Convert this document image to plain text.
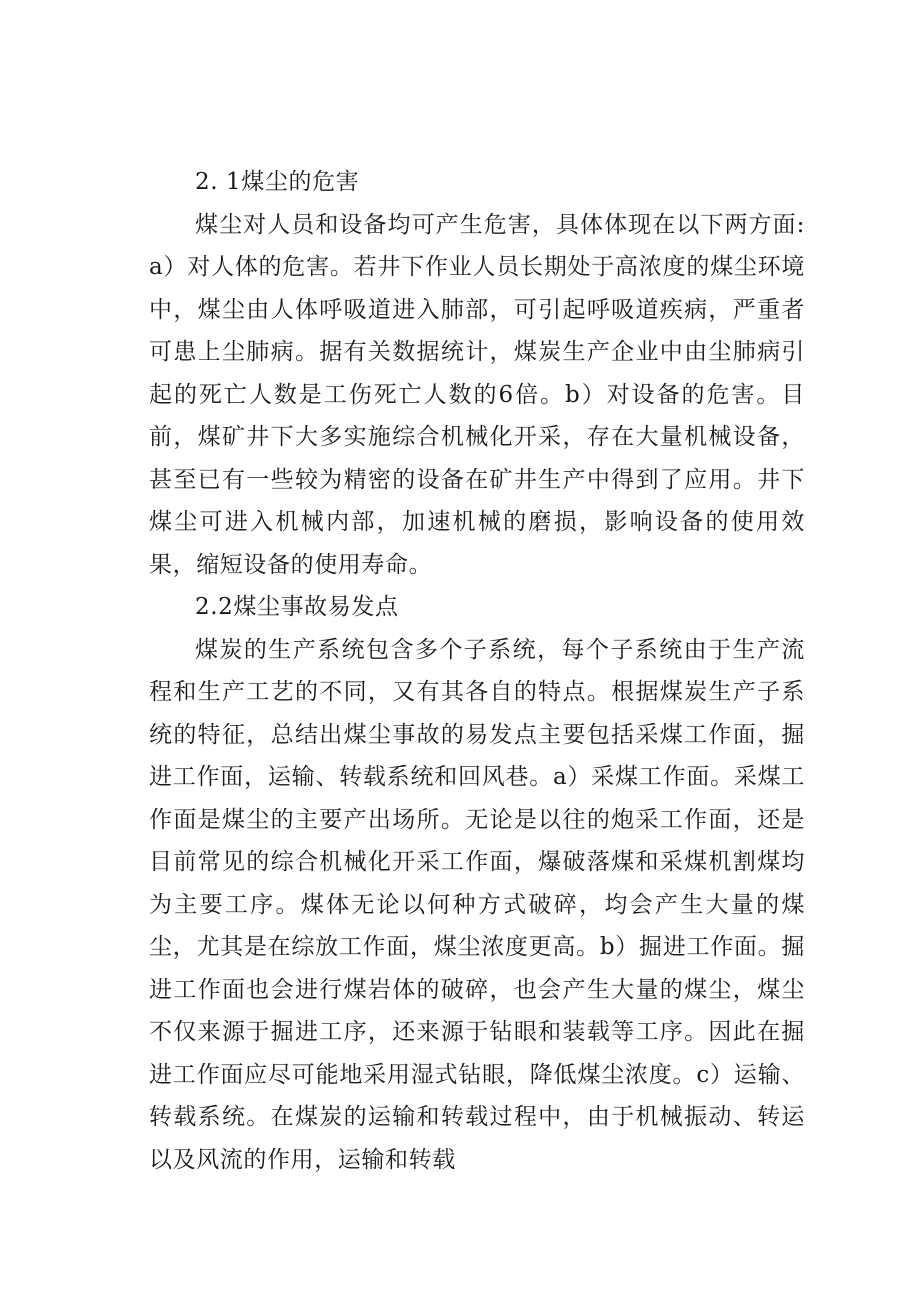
2. 1煤尘的危害

煤尘对人员和设备均可产生危害，具体体现在以下两方面: a）对人体的危害。若井下作业人员长期处于高浓度的煤尘环境中，煤尘由人体呼吸道进入肺部，可引起呼吸道疾病，严重者可患上尘肺病。据有关数据统计，煤炭生产企业中由尘肺病引起的死亡人数是工伤死亡人数的6倍。b）对设备的危害。目前，煤矿井下大多实施综合机械化开采，存在大量机械设备，甚至已有一些较为精密的设备在矿井生产中得到了应用。井下煤尘可进入机械内部，加速机械的磨损，影响设备的使用效果，缩短设备的使用寿命。

2.2煤尘事故易发点

煤炭的生产系统包含多个子系统，每个子系统由于生产流程和生产工艺的不同，又有其各自的特点。根据煤炭生产子系统的特征，总结出煤尘事故的易发点主要包括采煤工作面，掘进工作面，运输、转载系统和回风巷。a）采煤工作面。采煤工作面是煤尘的主要产出场所。无论是以往的炮采工作面，还是目前常见的综合机械化开采工作面，爆破落煤和采煤机割煤均为主要工序。煤体无论以何种方式破碎，均会产生大量的煤尘，尤其是在综放工作面，煤尘浓度更高。b）掘进工作面。掘进工作面也会进行煤岩体的破碎，也会产生大量的煤尘，煤尘不仅来源于掘进工序，还来源于钻眼和装载等工序。因此在掘进工作面应尽可能地采用湿式钻眼，降低煤尘浓度。c）运输、转载系统。在煤炭的运输和转载过程中，由于机械振动、转运以及风流的作用，运输和转载
